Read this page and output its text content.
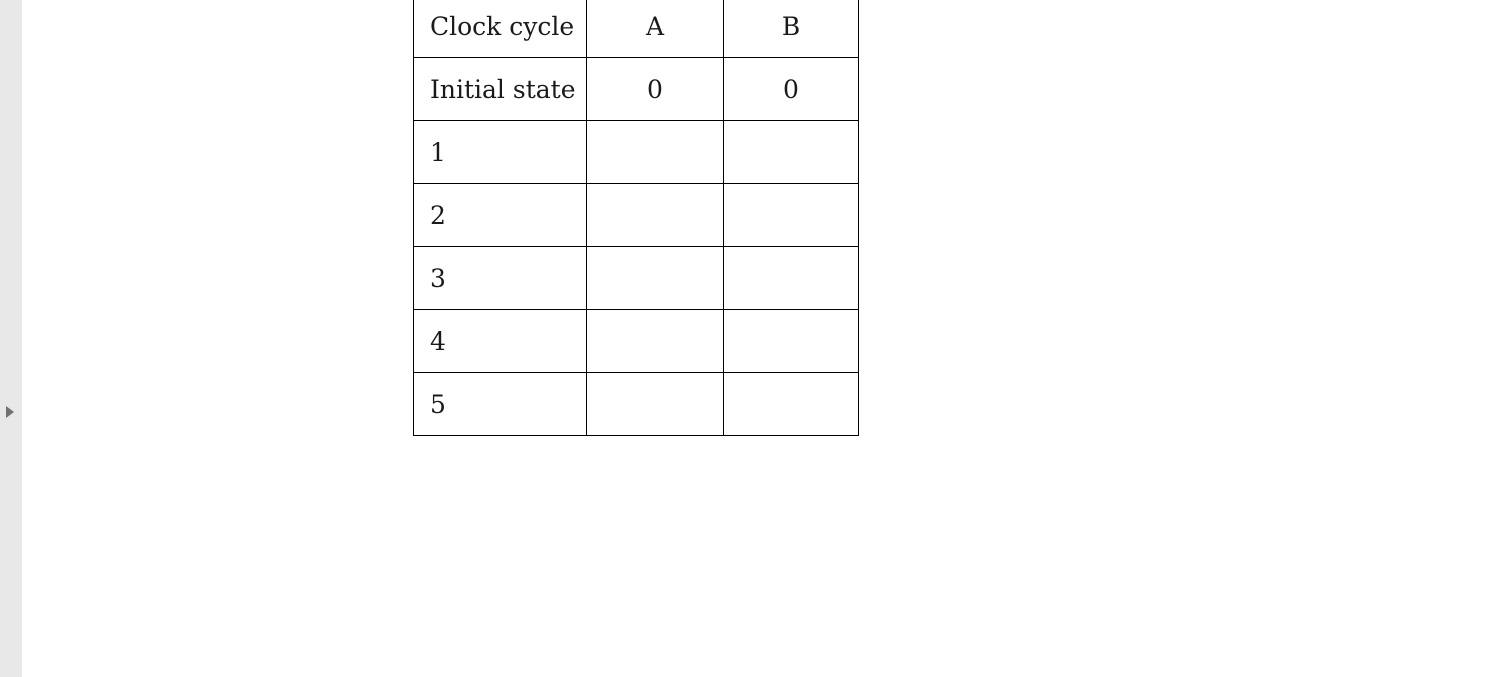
Clock cycle	A	B
Initial state	0	0
1		
2		
3		
4		
5		
